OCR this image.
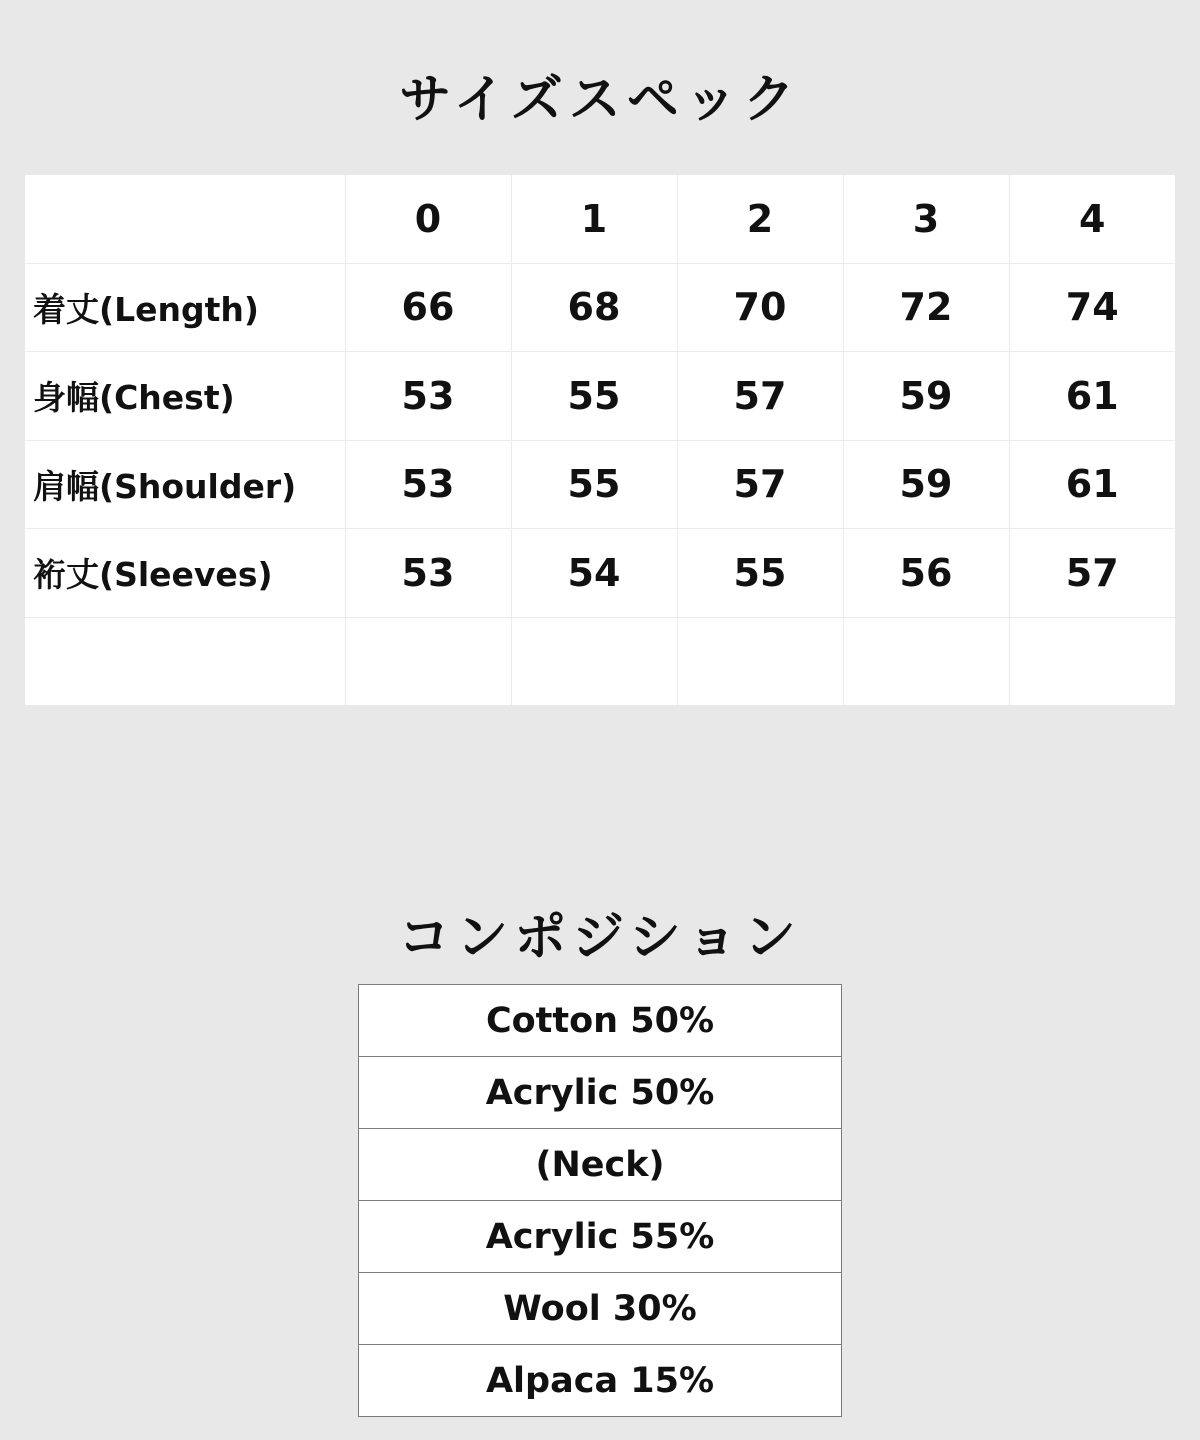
サイズスペック
	0	1	2	3	4
着丈(Length)	66	68	70	72	74
身幅(Chest)	53	55	57	59	61
肩幅(Shoulder)	53	55	57	59	61
裄丈(Sleeves)	53	54	55	56	57

コンポジション
Cotton 50%
Acrylic 50%
(Neck)
Acrylic 55%
Wool 30%
Alpaca 15%
